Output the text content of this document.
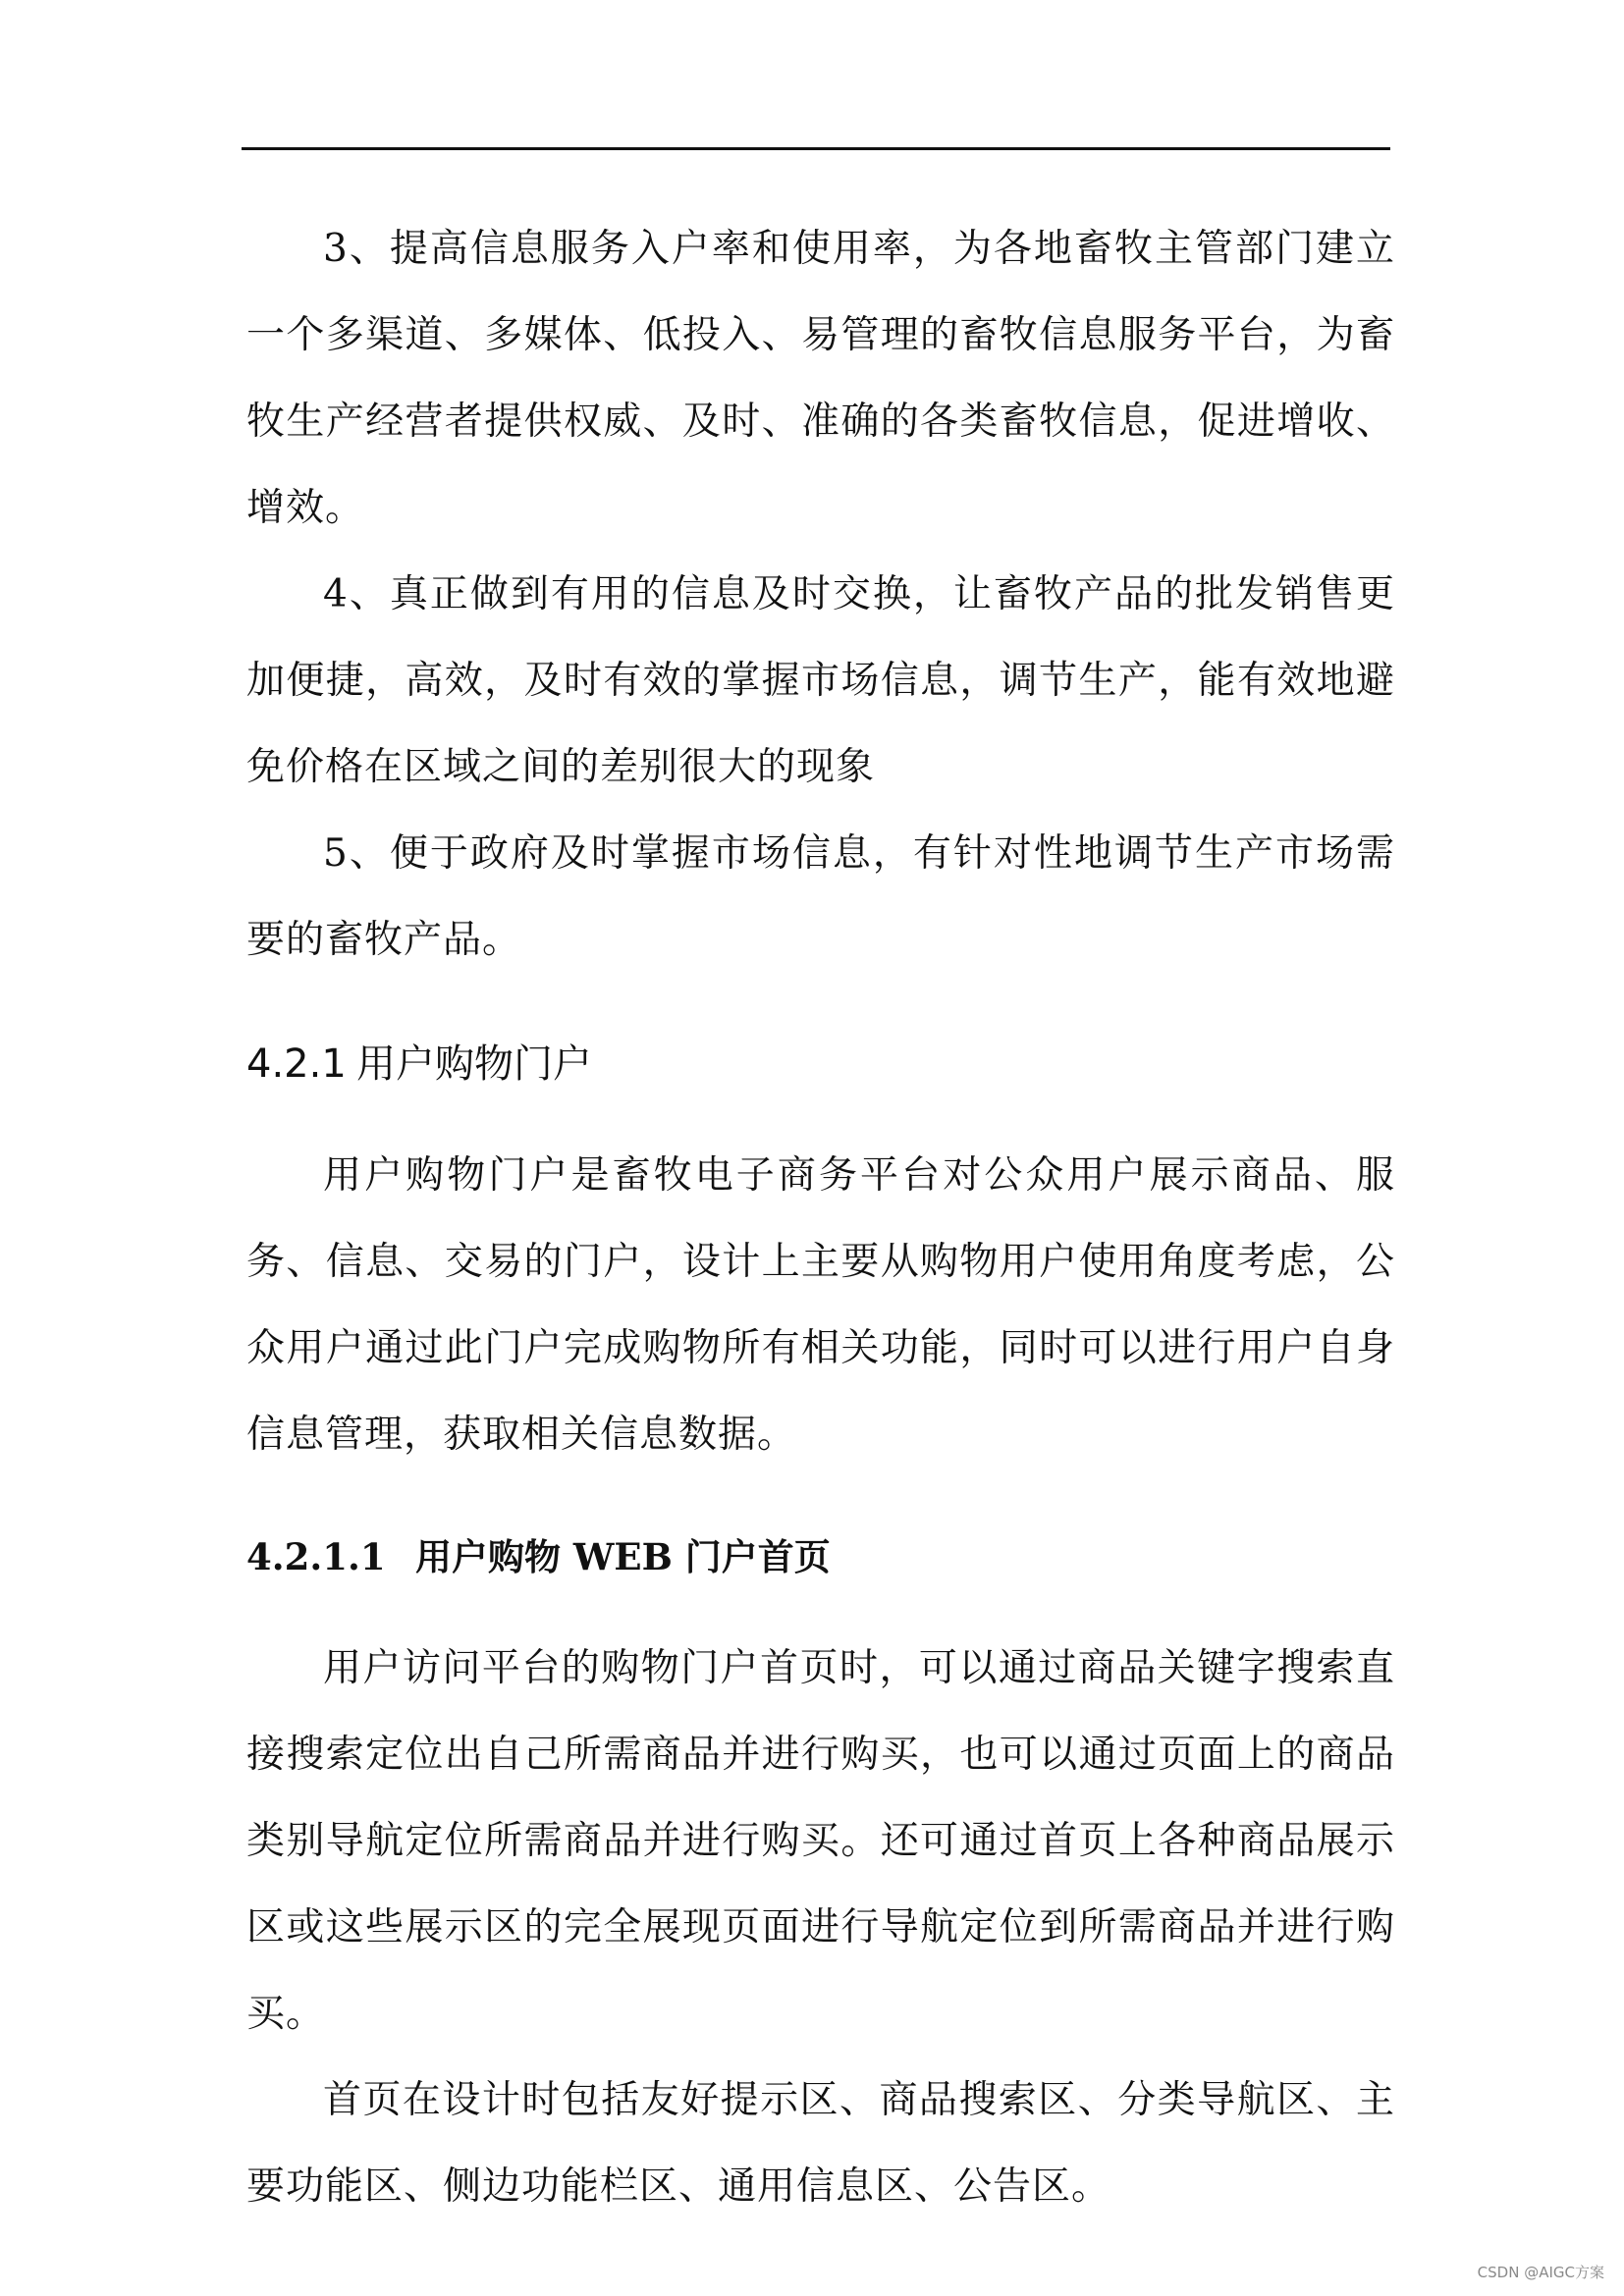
3、提高信息服务入户率和使用率，为各地畜牧主管部门建立一个多渠道、多媒体、低投入、易管理的畜牧信息服务平台，为畜牧生产经营者提供权威、及时、准确的各类畜牧信息，促进增收、增效。

4、真正做到有用的信息及时交换，让畜牧产品的批发销售更加便捷，高效，及时有效的掌握市场信息，调节生产，能有效地避免价格在区域之间的差别很大的现象

5、便于政府及时掌握市场信息，有针对性地调节生产市场需要的畜牧产品。

4.2.1 用户购物门户

用户购物门户是畜牧电子商务平台对公众用户展示商品、服务、信息、交易的门户，设计上主要从购物用户使用角度考虑，公众用户通过此门户完成购物所有相关功能，同时可以进行用户自身信息管理，获取相关信息数据。

4.2.1.1 用户购物 WEB 门户首页

用户访问平台的购物门户首页时，可以通过商品关键字搜索直接搜索定位出自己所需商品并进行购买，也可以通过页面上的商品类别导航定位所需商品并进行购买。还可通过首页上各种商品展示区或这些展示区的完全展现页面进行导航定位到所需商品并进行购买。

首页在设计时包括友好提示区、商品搜索区、分类导航区、主要功能区、侧边功能栏区、通用信息区、公告区。

CSDN @AIGC方案
